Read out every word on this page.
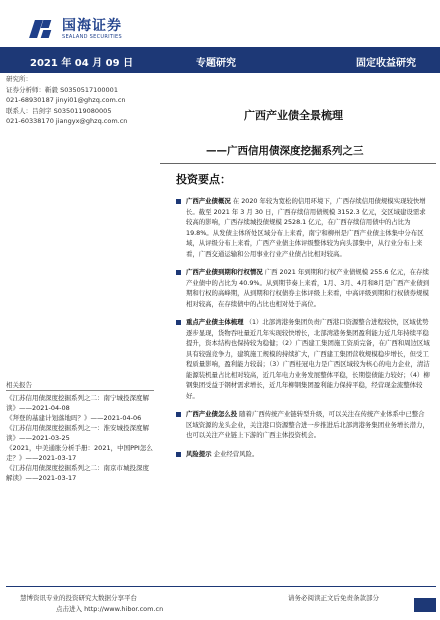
国海证券
SEALAND SECURITIES
2021 年 04 月 09 日	专题研究	固定收益研究
研究所：
证券分析师： 靳毅 S0350517100001
021-68930187 jinyi01@ghzq.com.cn
联系人： 吕剑宇 S0350119080005
021-60338170 jiangyx@ghzq.com.cn	广西产业债全景梳理
——广西信用债深度挖掘系列之三
投资要点：
相关报告
《江苏信用债深度挖掘系列之二：南宁城投深度解读》——2021-04-08
《拜登的基建计划落地吗？》——2021-04-06
《江苏信用债深度挖掘系列之一：淮安城投深度解读》——2021-03-25
《2021，中美通胀分析手册：2021，中国PPI怎么走？》——2021-03-17
《江苏信用债深度挖掘系列之二：南京市城投深度解读》——2021-03-17
广西产业债概况 在 2020 年较为宽松的信用环境下，广西存续信用债规模实现较快增长。截至 2021 年 3 月 30 日，广西存续信用债规模 3152.3 亿元，交区域建设需求较高的影响，广西存续城投债规模 2528.1 亿元，在广西存续信用债中的占比为 19.8%。从发债主体所处区域分布上来看，南宁和柳州是广西产业债主体集中分布区域，从评级分布上来看，广西产业债主体评级整体较为向头部集中，从行业分布上来看，广西交通运输和公用事业行业产业债占比相对较高。
广西产业债到期和行权情况 广西 2021 年到期和行权产业债规模 255.6 亿元，在存续产业债中的占比为 40.9%。从到期节奏上来看，1月、3月、4月和8月是广西产业债到期和行权的高峰期，从到期和行权债券主体评级上来看，中高评级到期和行权债券规模相对较高，在存续债中的占比也相对处于高位。
重点产业债主体梳理 （1）北部湾港务集团负责广西港口资源整合进程较快，区域优势逐步显现，货物吞吐量近几年实现较快增长，北部湾港务集团盈利能力近几年持续平稳提升，资本结构也保持较为稳健；（2）广西建工集团施工资质完备，在广西和周边区域具有较强竞争力，建筑施工规模的持续扩大，广西建工集团营收规模稳步增长，但受工程质量影响，盈利能力较弱；（3）广西桂冠电力是广西区域较为核心的电力企业，清洁能源装机量占比相对较高，近几年电力业务发展整体平稳，长期偿债能力较好；（4）柳钢集团受益于钢材需求增长，近几年柳钢集团盈利能力保持平稳，经营现金流整体较好。
广西产业债怎么投 随着广西传统产业链转型升级，可以关注在传统产业体系中已整合区域资源的龙头企业，关注港口资源整合进一步推进后北部湾港务集团业务增长潜力，也可以关注产业链上下游的广西主体投资机会。
风险提示 企业经营风险。
慧博资讯专业的投资研究大数据分享平台
点击进入 http://www.hibor.com.cn
请务必阅读正文后免责条款部分
